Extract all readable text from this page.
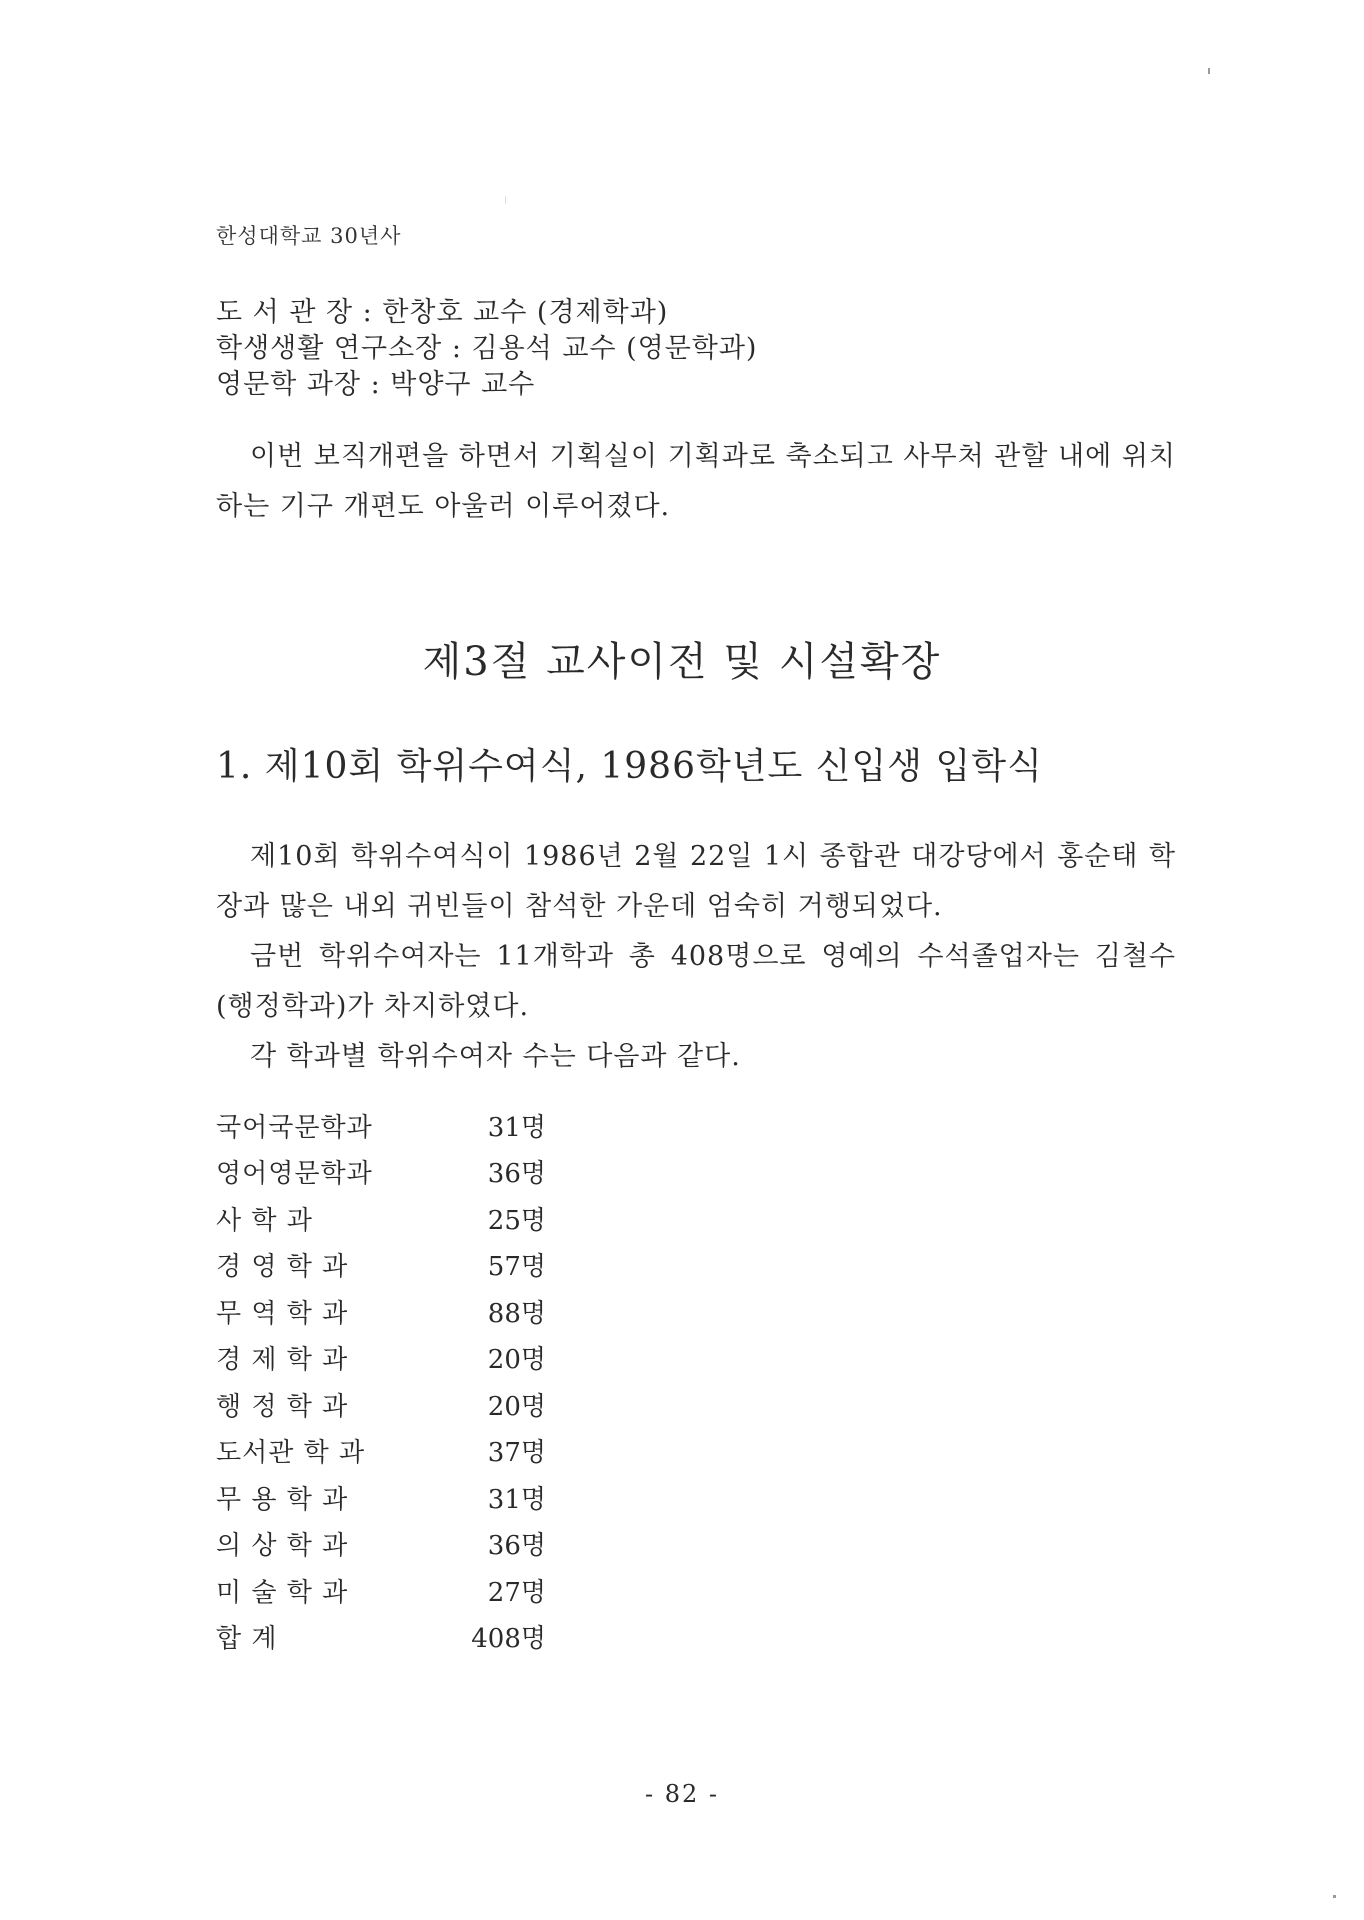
한성대학교 30년사
도 서 관 장 : 한창호 교수 (경제학과)
학생생활 연구소장 : 김용석 교수 (영문학과)
영문학 과장 : 박양구 교수

이번 보직개편을 하면서 기획실이 기획과로 축소되고 사무처 관할 내에 위치하는 기구 개편도 아울러 이루어졌다.

제3절 교사이전 및 시설확장
1. 제10회 학위수여식, 1986학년도 신입생 입학식

제10회 학위수여식이 1986년 2월 22일 1시 종합관 대강당에서 홍순태 학장과 많은 내외 귀빈들이 참석한 가운데 엄숙히 거행되었다.

금번 학위수여자는 11개학과 총 408명으로 영예의 수석졸업자는 김철수(행정학과)가 차지하였다.

각 학과별 학위수여자 수는 다음과 같다.

국어국문학과	31명
영어영문학과	36명
사 학 과	25명
경 영 학 과	57명
무 역 학 과	88명
경 제 학 과	20명
행 정 학 과	20명
도서관 학 과	37명
무 용 학 과	31명
의 상 학 과	36명
미 술 학 과	27명
합 계	408명
- 82 -
